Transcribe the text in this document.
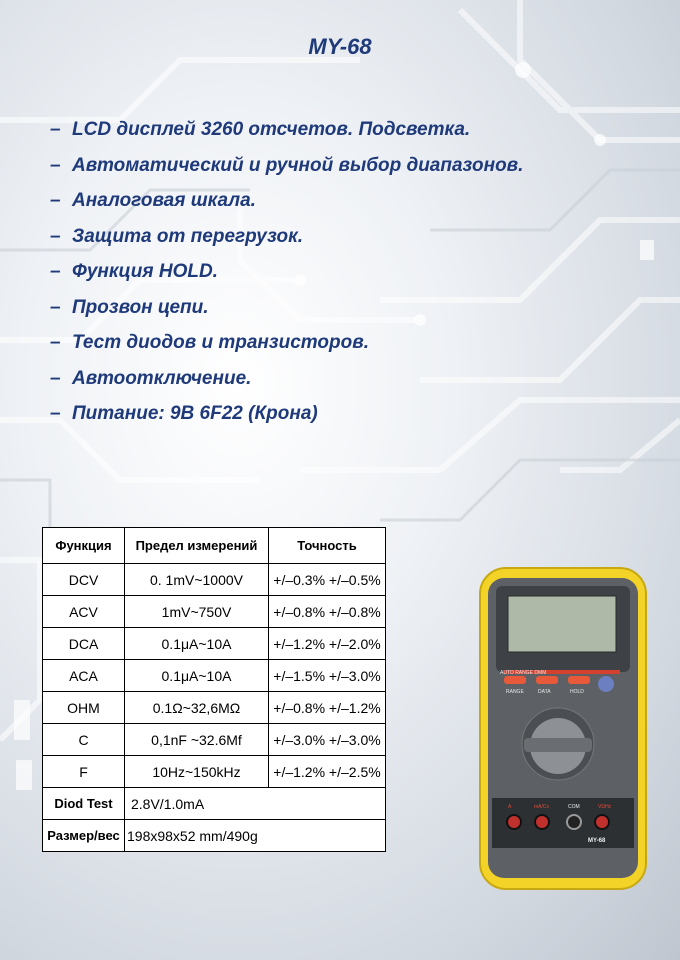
MY-68
– LCD дисплей 3260 отсчетов. Подсветка.
– Автоматический и ручной выбор диапазонов.
– Аналоговая шкала.
– Защита от перегрузок.
– Функция HOLD.
– Прозвон цепи.
– Тест диодов и транзисторов.
– Автоотключение.
– Питание: 9В 6F22 (Крона)
Функция	Предел измерений	Точность
DCV	0. 1mV~1000V	+/–0.3% +/–0.5%
ACV	1mV~750V	+/–0.8% +/–0.8%
DCA	0.1μA~10A	+/–1.2% +/–2.0%
ACA	0.1μA~10A	+/–1.5% +/–3.0%
OHM	0.1Ω~32,6MΩ	+/–0.8% +/–1.2%
C	0,1nF ~32.6Mf	+/–3.0% +/–3.0%
F	10Hz~150kHz	+/–1.2% +/–2.5%
Diod Test	2.8V/1.0mA	
Размер/вес	198x98x52 mm/490g	
AUTO RANGE DMM
RANGE	DATA	HOLD
mA/Cx	COM	VΩHz
A
MY-68
